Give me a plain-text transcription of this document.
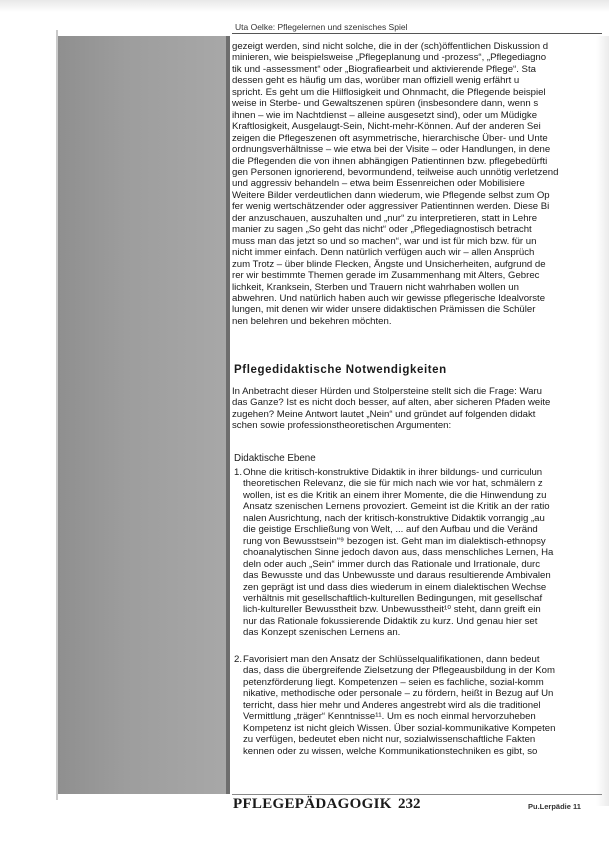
Uta Oelke: Pflegelernen und szenisches Spiel

gezeigt werden, sind nicht solche, die in der (sch)öffentlichen Diskussion d

minieren, wie beispielsweise „Pflegeplanung und -prozess“, „Pflegediagno

tik und -assessment“ oder „Biografiearbeit und aktivierende Pflege“. Sta

dessen geht es häufig um das, worüber man offiziell wenig erfährt u

spricht. Es geht um die Hilflosigkeit und Ohnmacht, die Pflegende beispiel

weise in Sterbe- und Gewaltszenen spüren (insbesondere dann, wenn s

ihnen – wie im Nachtdienst – alleine ausgesetzt sind), oder um Müdigke

Kraftlosigkeit, Ausgelaugt-Sein, Nicht-mehr-Können. Auf der anderen Sei

zeigen die Pflegeszenen oft asymmetrische, hierarchische Über- und Unte

ordnungsverhältnisse – wie etwa bei der Visite – oder Handlungen, in dene

die Pflegenden die von ihnen abhängigen Patientinnen bzw. pflegebedürfti

gen Personen ignorierend, bevormundend, teilweise auch unnötig verletzend

und aggressiv behandeln – etwa beim Essenreichen oder Mobilisiere

Weitere Bilder verdeutlichen dann wiederum, wie Pflegende selbst zum Op

fer wenig wertschätzender oder aggressiver Patientinnen werden. Diese Bi

der anzuschauen, auszuhalten und „nur“ zu interpretieren, statt in Lehre

manier zu sagen „So geht das nicht“ oder „Pflegediagnostisch betracht

muss man das jetzt so und so machen“, war und ist für mich bzw. für un

nicht immer einfach. Denn natürlich verfügen auch wir – allen Ansprüch

zum Trotz – über blinde Flecken, Ängste und Unsicherheiten, aufgrund de

rer wir bestimmte Themen gerade im Zusammenhang mit Alters, Gebrec

lichkeit, Kranksein, Sterben und Trauern nicht wahrhaben wollen un

abwehren. Und natürlich haben auch wir gewisse pflegerische Idealvorste

lungen, mit denen wir wider unsere didaktischen Prämissen die Schüler

nen belehren und bekehren möchten.

Pflegedidaktische Notwendigkeiten

In Anbetracht dieser Hürden und Stolpersteine stellt sich die Frage: Waru

das Ganze? Ist es nicht doch besser, auf alten, aber sicheren Pfaden weite

zugehen? Meine Antwort lautet „Nein“ und gründet auf folgenden didakt

schen sowie professionstheoretischen Argumenten:

Didaktische Ebene
1. Ohne die kritisch-konstruktive Didaktik in ihrer bildungs- und curriculun

theoretischen Relevanz, die sie für mich nach wie vor hat, schmälern z

wollen, ist es die Kritik an einem ihrer Momente, die die Hinwendung zu

Ansatz szenischen Lernens provoziert. Gemeint ist die Kritik an der ratio

nalen Ausrichtung, nach der kritisch-konstruktive Didaktik vorrangig „au

die geistige Erschließung von Welt, ... auf den Aufbau und die Veränd

rung von Bewusstsein“⁹ bezogen ist. Geht man im dialektisch-ethnopsy

choanalytischen Sinne jedoch davon aus, dass menschliches Lernen, Ha

deln oder auch „Sein“ immer durch das Rationale und Irrationale, durc

das Bewusste und das Unbewusste und daraus resultierende Ambivalen

zen geprägt ist und dass dies wiederum in einem dialektischen Wechse

verhältnis mit gesellschaftlich-kulturellen Bedingungen, mit gesellschaf

lich-kultureller Bewusstheit bzw. Unbewusstheit¹⁰ steht, dann greift ein

nur das Rationale fokussierende Didaktik zu kurz. Und genau hier set

das Konzept szenischen Lernens an.

2. Favorisiert man den Ansatz der Schlüsselqualifikationen, dann bedeut

das, dass die übergreifende Zielsetzung der Pflegeausbildung in der Kom

petenzförderung liegt. Kompetenzen – seien es fachliche, sozial-komm

nikative, methodische oder personale – zu fördern, heißt in Bezug auf Un

terricht, dass hier mehr und Anderes angestrebt wird als die traditionel

Vermittlung „träger“ Kenntnisse¹¹. Um es noch einmal hervorzuheben

Kompetenz ist nicht gleich Wissen. Über sozial-kommunikative Kompeten

zu verfügen, bedeutet eben nicht nur, sozialwissenschaftliche Fakten

kennen oder zu wissen, welche Kommunikationstechniken es gibt, so

PFLEGEPÄDAGOGIK 232	Pu.Lerpädie 11
